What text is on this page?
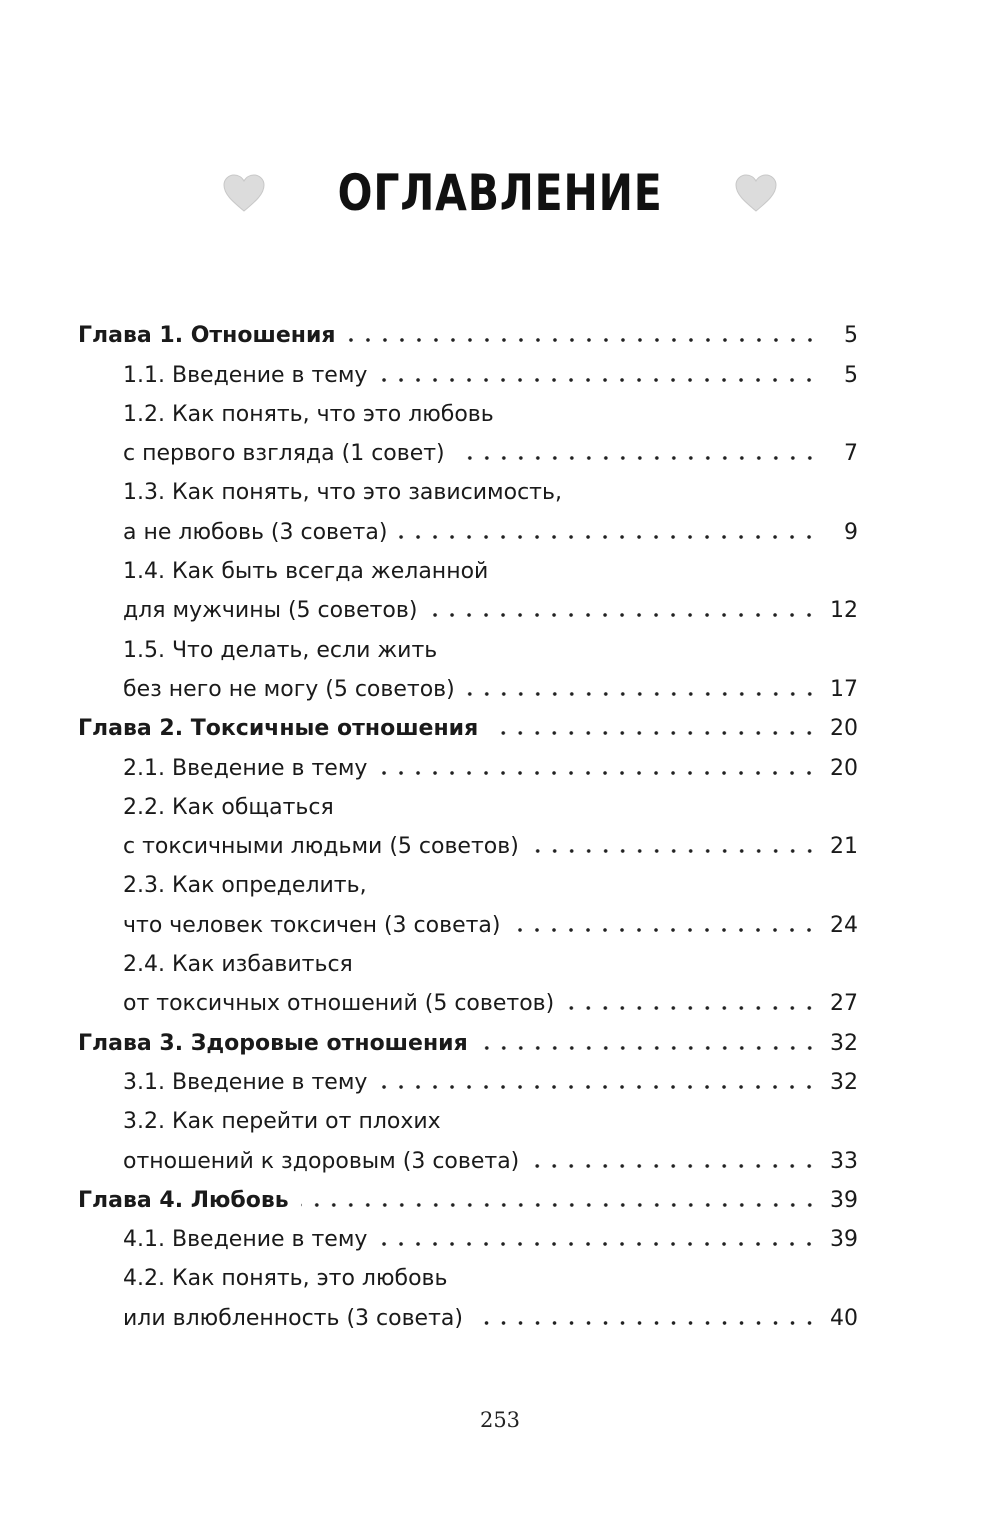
ОГЛАВЛЕНИЕ
Глава 1. Отношения	5
1.1. Введение в тему	5
1.2. Как понять, что это любовь
с первого взгляда (1 совет)	7
1.3. Как понять, что это зависимость,
а не любовь (3 совета)	9
1.4. Как быть всегда желанной
для мужчины (5 советов)	12
1.5. Что делать, если жить
без него не могу (5 советов)	17
Глава 2. Токсичные отношения	20
2.1. Введение в тему	20
2.2. Как общаться
с токсичными людьми (5 советов)	21
2.3. Как определить,
что человек токсичен (3 совета)	24
2.4. Как избавиться
от токсичных отношений (5 советов)	27
Глава 3. Здоровые отношения	32
3.1. Введение в тему	32
3.2. Как перейти от плохих
отношений к здоровым (3 совета)	33
Глава 4. Любовь	39
4.1. Введение в тему	39
4.2. Как понять, это любовь
или влюбленность (3 совета)	40
253
